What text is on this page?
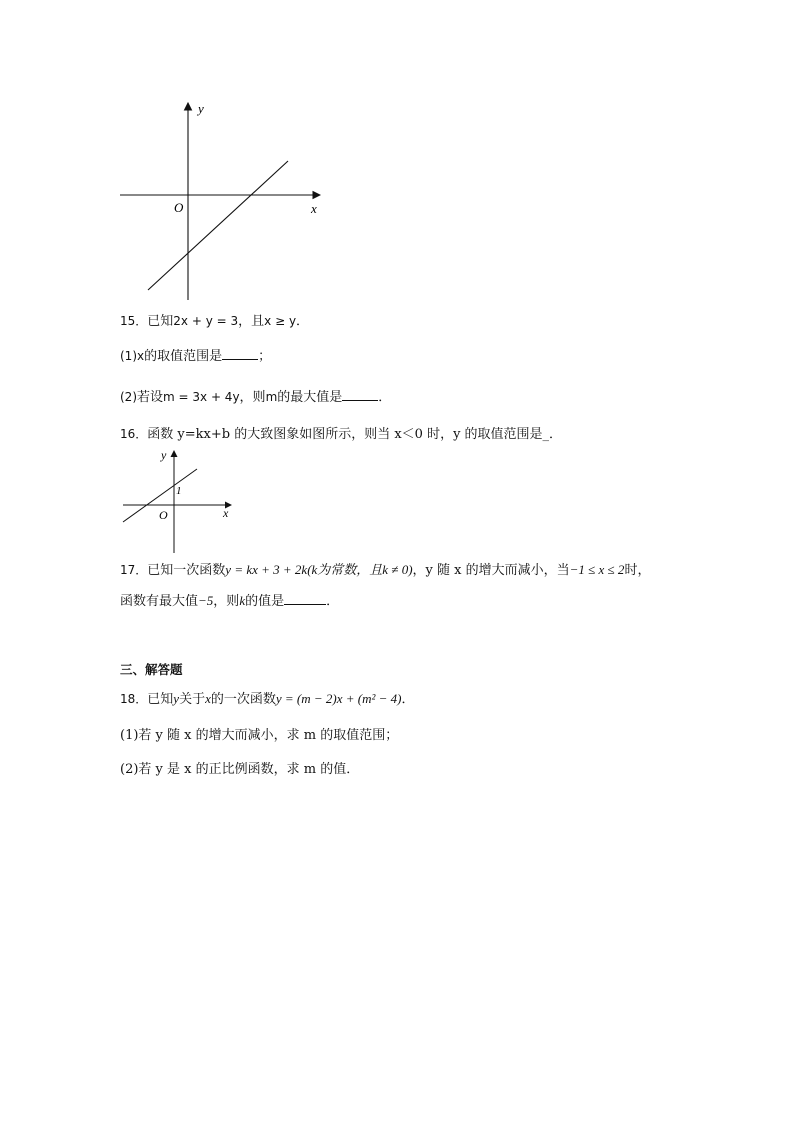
x
y
O
15．已知2x + y = 3，且x ≥ y．
(1)x的取值范围是	；
(2)若设m = 3x + 4y，则m的最大值是	．
16．函数 y=kx+b 的大致图象如图所示，则当 x＜0 时，y 的取值范围是_．
x
y
O
1
17．已知一次函数y = kx + 3 + 2k(k为常数，且k ≠ 0)，y 随 x 的增大而减小，当−1 ≤ x ≤ 2时，
函数有最大值−5，则k的值是	．
三、解答题
18．已知y关于x的一次函数y = (m − 2)x + (m² − 4)．
(1)若 y 随 x 的增大而减小，求 m 的取值范围；
(2)若 y 是 x 的正比例函数，求 m 的值．
